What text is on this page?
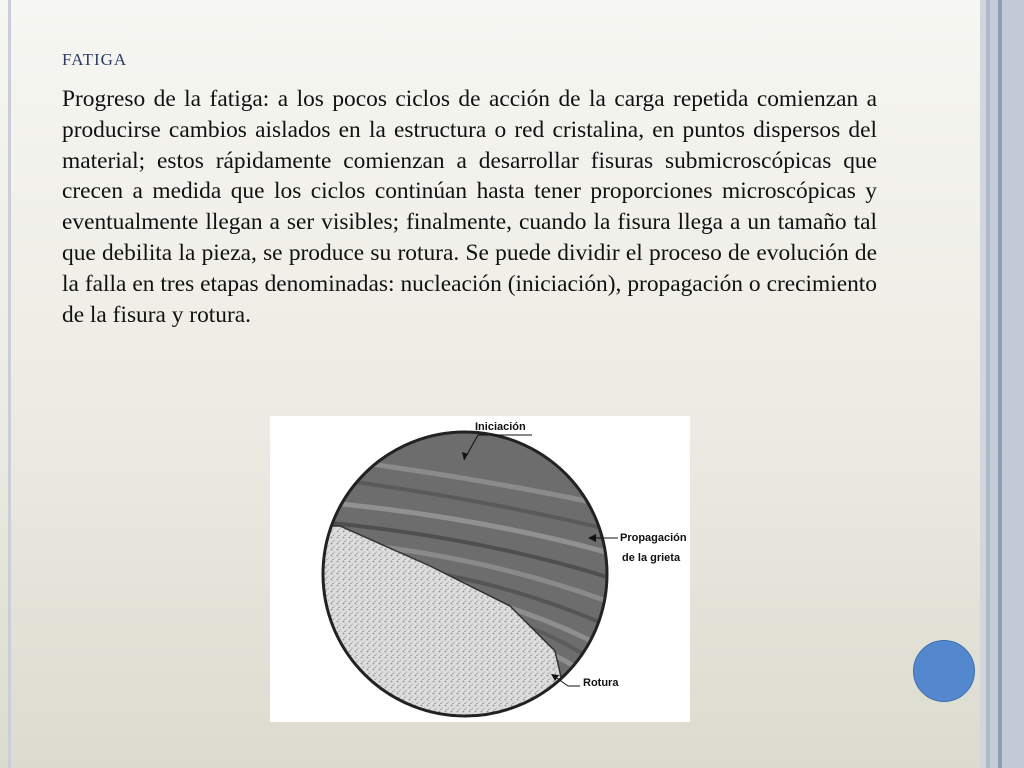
FATIGA

Progreso de la fatiga: a los pocos ciclos de acción de la carga repetida comienzan a producirse cambios aislados en la estructura o red cristalina, en puntos dispersos del material; estos rápidamente comienzan a desarrollar fisuras submicroscópicas que crecen a medida que los ciclos continúan hasta tener proporciones microscópicas y eventualmente llegan a ser visibles; finalmente, cuando la fisura llega a un tamaño tal que debilita la pieza, se produce su rotura. Se puede dividir el proceso de evolución de la falla en tres etapas denominadas: nucleación (iniciación), propagación o crecimiento de la fisura y rotura.

Iniciación
Propagación
de la grieta
Rotura
